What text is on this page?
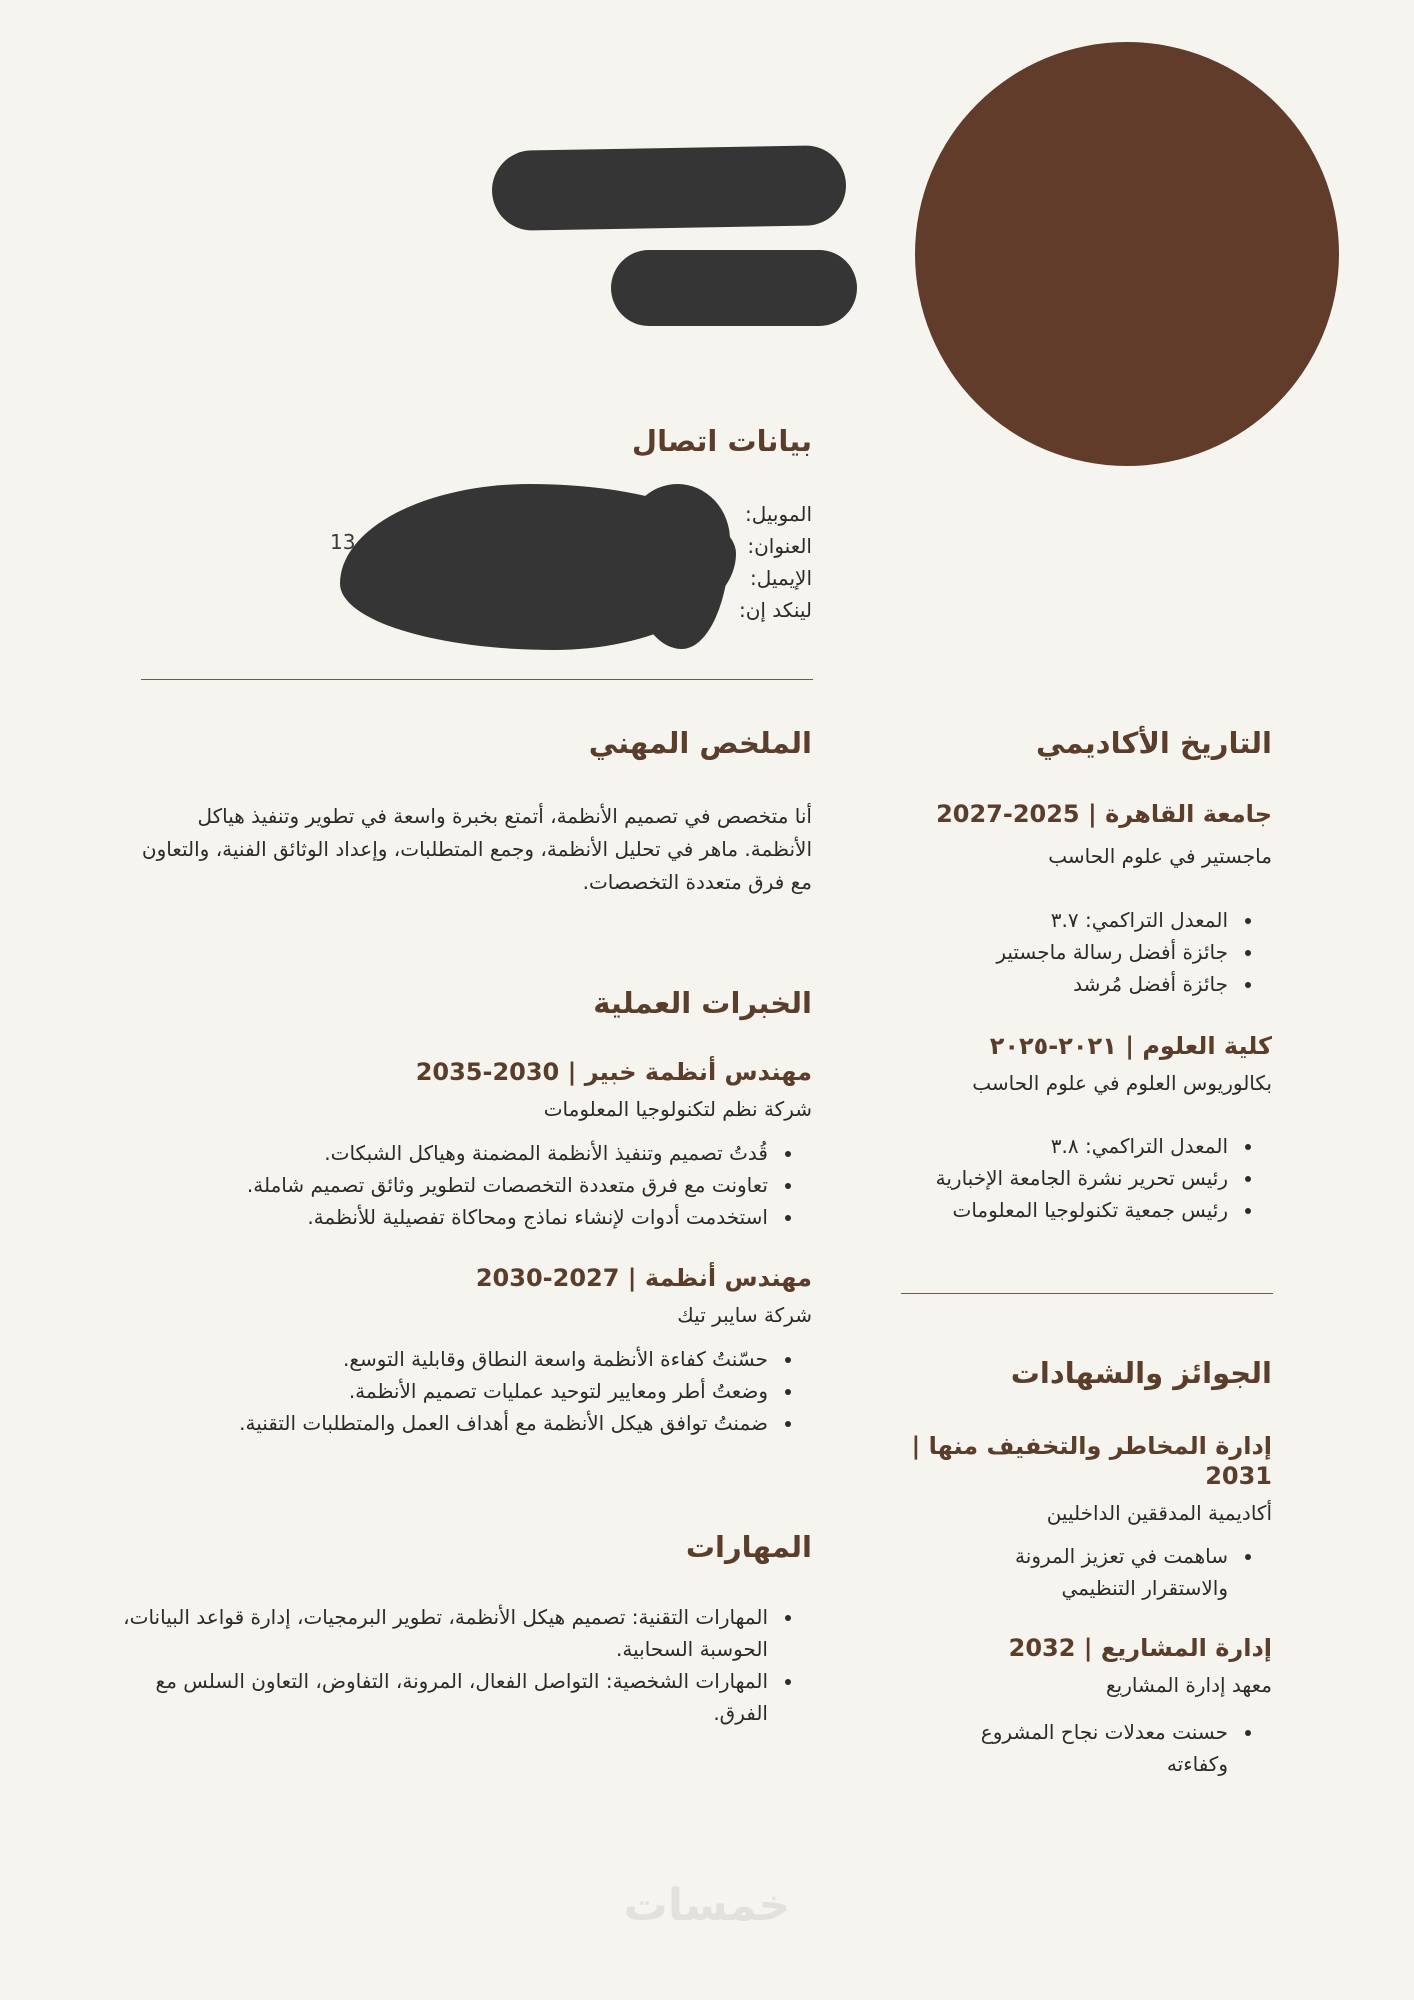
بيانات اتصال
الموبيل:
العنوان:
الإيميل:
لينكد إن:
13
الملخص المهني
أنا متخصص في تصميم الأنظمة، أتمتع بخبرة واسعة في تطوير وتنفيذ هياكل الأنظمة. ماهر في تحليل الأنظمة، وجمع المتطلبات، وإعداد الوثائق الفنية، والتعاون مع فرق متعددة التخصصات.
الخبرات العملية
مهندس أنظمة خبير | 2030-2035
شركة نظم لتكنولوجيا المعلومات
• قُدتُ تصميم وتنفيذ الأنظمة المضمنة وهياكل الشبكات.
• تعاونت مع فرق متعددة التخصصات لتطوير وثائق تصميم شاملة.
• استخدمت أدوات لإنشاء نماذج ومحاكاة تفصيلية للأنظمة.
مهندس أنظمة | 2027-2030
شركة سايبر تيك
• حسّنتُ كفاءة الأنظمة واسعة النطاق وقابلية التوسع.
• وضعتُ أطر ومعايير لتوحيد عمليات تصميم الأنظمة.
• ضمنتُ توافق هيكل الأنظمة مع أهداف العمل والمتطلبات التقنية.
المهارات
• المهارات التقنية: تصميم هيكل الأنظمة، تطوير البرمجيات، إدارة قواعد البيانات، الحوسبة السحابية.
• المهارات الشخصية: التواصل الفعال، المرونة، التفاوض، التعاون السلس مع الفرق.
التاريخ الأكاديمي
جامعة القاهرة | 2025-2027
ماجستير في علوم الحاسب
• المعدل التراكمي: ٣.٧
• جائزة أفضل رسالة ماجستير
• جائزة أفضل مُرشد
كلية العلوم | ٢٠٢١-٢٠٢٥
بكالوريوس العلوم في علوم الحاسب
• المعدل التراكمي: ٣.٨
• رئيس تحرير نشرة الجامعة الإخبارية
• رئيس جمعية تكنولوجيا المعلومات
الجوائز والشهادات
إدارة المخاطر والتخفيف منها |
2031
أكاديمية المدققين الداخليين
• ساهمت في تعزيز المرونة والاستقرار التنظيمي
إدارة المشاريع | 2032
معهد إدارة المشاريع
• حسنت معدلات نجاح المشروع وكفاءته
خمسات
